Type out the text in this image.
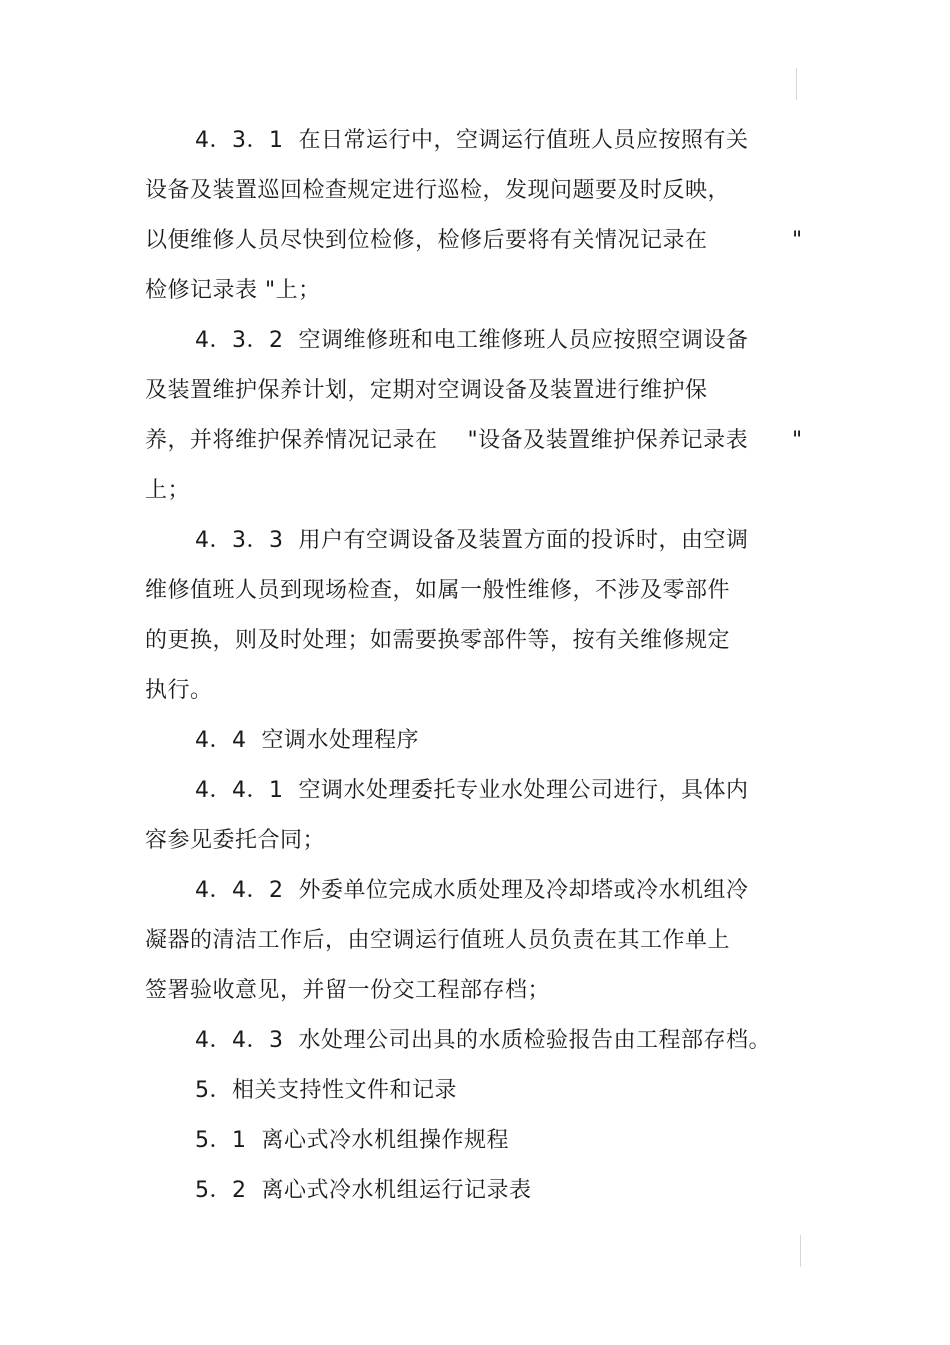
4．3．1  在日常运行中，空调运行值班人员应按照有关
设备及装置巡回检查规定进行巡检，发现问题要及时反映，
以便维修人员尽快到位检修，检修后要将有关情况记录在	"
检修记录表 "上；
4．3．2  空调维修班和电工维修班人员应按照空调设备
及装置维护保养计划，定期对空调设备及装置进行维护保
养，并将维护保养情况记录在    "设备及装置维护保养记录表	"
上；
4．3．3  用户有空调设备及装置方面的投诉时，由空调
维修值班人员到现场检查，如属一般性维修，不涉及零部件
的更换，则及时处理；如需要换零部件等，按有关维修规定
执行。
4．4  空调水处理程序
4．4．1  空调水处理委托专业水处理公司进行，具体内
容参见委托合同；
4．4．2  外委单位完成水质处理及冷却塔或冷水机组冷
凝器的清洁工作后，由空调运行值班人员负责在其工作单上
签署验收意见，并留一份交工程部存档；
4．4．3  水处理公司出具的水质检验报告由工程部存档。
5．相关支持性文件和记录
5．1  离心式冷水机组操作规程
5．2  离心式冷水机组运行记录表
